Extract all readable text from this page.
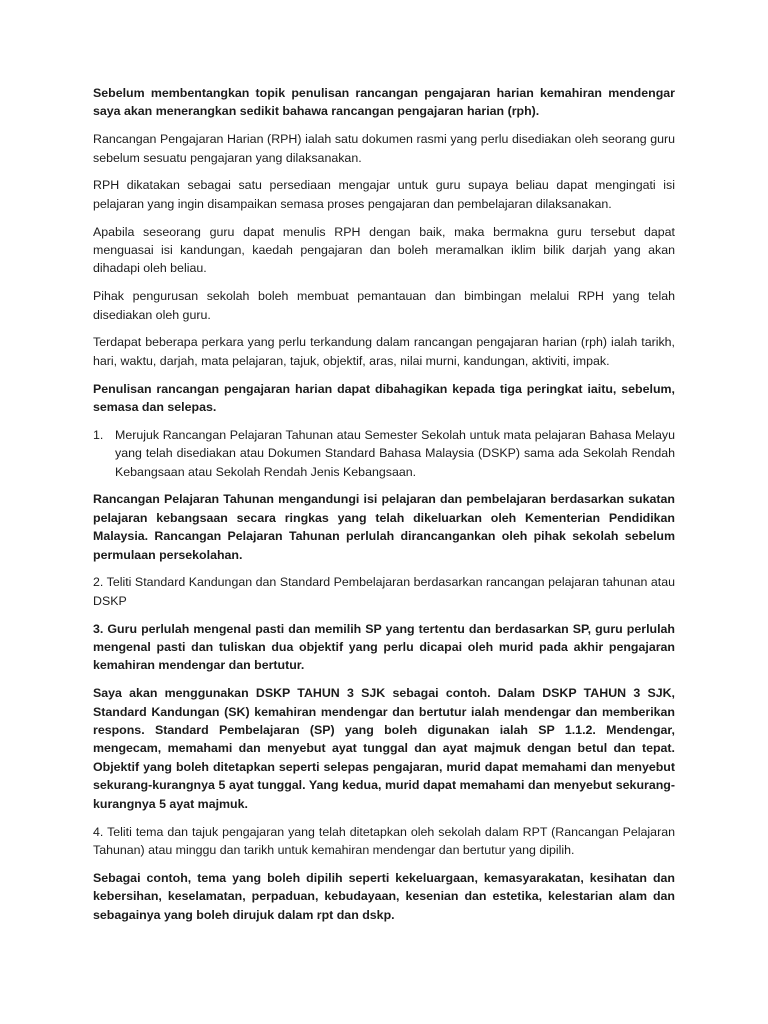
Sebelum membentangkan topik penulisan rancangan pengajaran harian kemahiran mendengar saya akan menerangkan sedikit bahawa rancangan pengajaran harian (rph).

Rancangan Pengajaran Harian (RPH) ialah satu dokumen rasmi yang perlu disediakan oleh seorang guru sebelum sesuatu pengajaran yang dilaksanakan.

RPH dikatakan sebagai satu persediaan mengajar untuk guru supaya beliau dapat mengingati isi pelajaran yang ingin disampaikan semasa proses pengajaran dan pembelajaran dilaksanakan.

Apabila seseorang guru dapat menulis RPH dengan baik, maka bermakna guru tersebut dapat menguasai isi kandungan, kaedah pengajaran dan boleh meramalkan iklim bilik darjah yang akan dihadapi oleh beliau.

Pihak pengurusan sekolah boleh membuat pemantauan dan bimbingan melalui RPH yang telah disediakan oleh guru.

Terdapat beberapa perkara yang perlu terkandung dalam rancangan pengajaran harian (rph) ialah tarikh, hari, waktu, darjah, mata pelajaran, tajuk, objektif, aras, nilai murni, kandungan, aktiviti, impak.

Penulisan rancangan pengajaran harian dapat dibahagikan kepada tiga peringkat iaitu, sebelum, semasa dan selepas.

1. Merujuk Rancangan Pelajaran Tahunan atau Semester Sekolah untuk mata pelajaran Bahasa Melayu yang telah disediakan atau Dokumen Standard Bahasa Malaysia (DSKP) sama ada Sekolah Rendah Kebangsaan atau Sekolah Rendah Jenis Kebangsaan.

Rancangan Pelajaran Tahunan mengandungi isi pelajaran dan pembelajaran berdasarkan sukatan pelajaran kebangsaan secara ringkas yang telah dikeluarkan oleh Kementerian Pendidikan Malaysia. Rancangan Pelajaran Tahunan perlulah dirancangankan oleh pihak sekolah sebelum permulaan persekolahan.

2. Teliti Standard Kandungan dan Standard Pembelajaran berdasarkan rancangan pelajaran tahunan atau DSKP

3. Guru perlulah mengenal pasti dan memilih SP yang tertentu dan berdasarkan SP, guru perlulah mengenal pasti dan tuliskan dua objektif yang perlu dicapai oleh murid pada akhir pengajaran kemahiran mendengar dan bertutur.

Saya akan menggunakan DSKP TAHUN 3 SJK sebagai contoh. Dalam DSKP TAHUN 3 SJK, Standard Kandungan (SK) kemahiran mendengar dan bertutur ialah mendengar dan memberikan respons. Standard Pembelajaran (SP) yang boleh digunakan ialah SP 1.1.2. Mendengar, mengecam, memahami dan menyebut ayat tunggal dan ayat majmuk dengan betul dan tepat. Objektif yang boleh ditetapkan seperti selepas pengajaran, murid dapat memahami dan menyebut sekurang-kurangnya 5 ayat tunggal. Yang kedua, murid dapat memahami dan menyebut sekurang-kurangnya 5 ayat majmuk.

4. Teliti tema dan tajuk pengajaran yang telah ditetapkan oleh sekolah dalam RPT (Rancangan Pelajaran Tahunan) atau minggu dan tarikh untuk kemahiran mendengar dan bertutur yang dipilih.

Sebagai contoh, tema yang boleh dipilih seperti kekeluargaan, kemasyarakatan, kesihatan dan kebersihan, keselamatan, perpaduan, kebudayaan, kesenian dan estetika, kelestarian alam dan sebagainya yang boleh dirujuk dalam rpt dan dskp.
